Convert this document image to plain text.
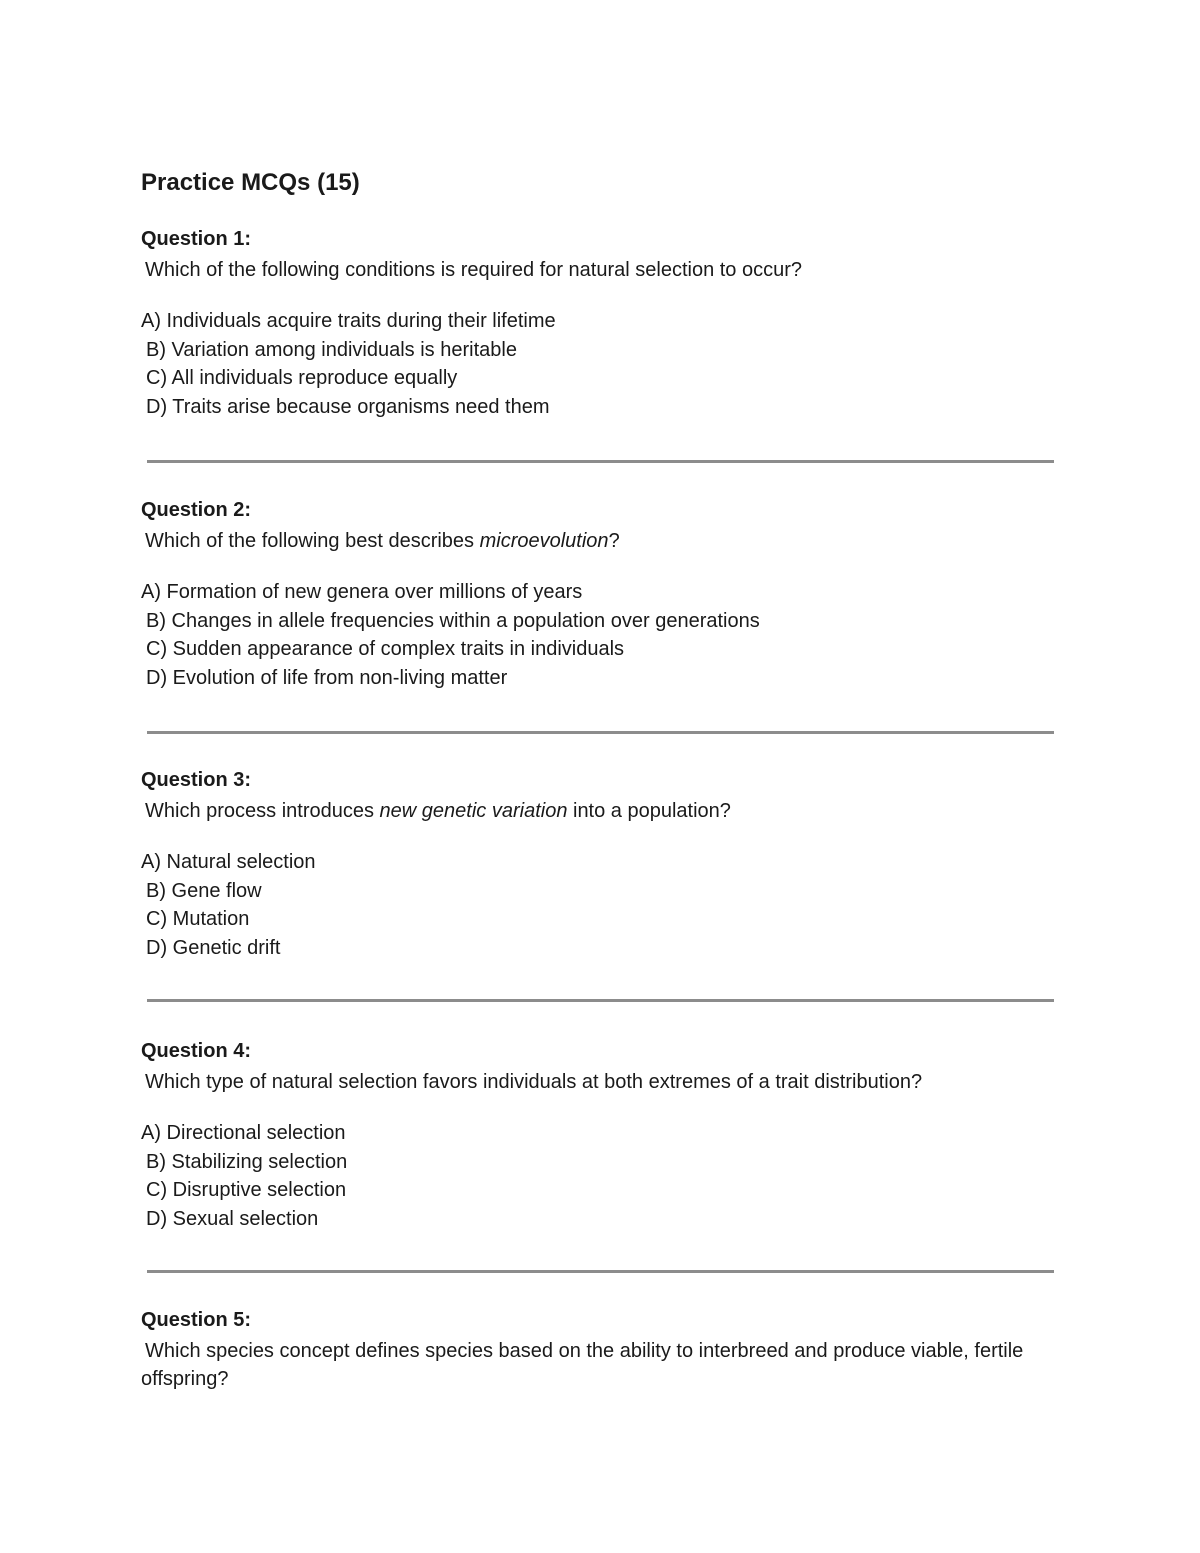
Practice MCQs (15)

Question 1:

Which of the following conditions is required for natural selection to occur?

A) Individuals acquire traits during their lifetime
B) Variation among individuals is heritable
C) All individuals reproduce equally
D) Traits arise because organisms need them

Question 2:

Which of the following best describes microevolution?

A) Formation of new genera over millions of years
B) Changes in allele frequencies within a population over generations
C) Sudden appearance of complex traits in individuals
D) Evolution of life from non-living matter

Question 3:

Which process introduces new genetic variation into a population?

A) Natural selection
B) Gene flow
C) Mutation
D) Genetic drift

Question 4:

Which type of natural selection favors individuals at both extremes of a trait distribution?

A) Directional selection
B) Stabilizing selection
C) Disruptive selection
D) Sexual selection

Question 5:

Which species concept defines species based on the ability to interbreed and produce viable, fertile offspring?
